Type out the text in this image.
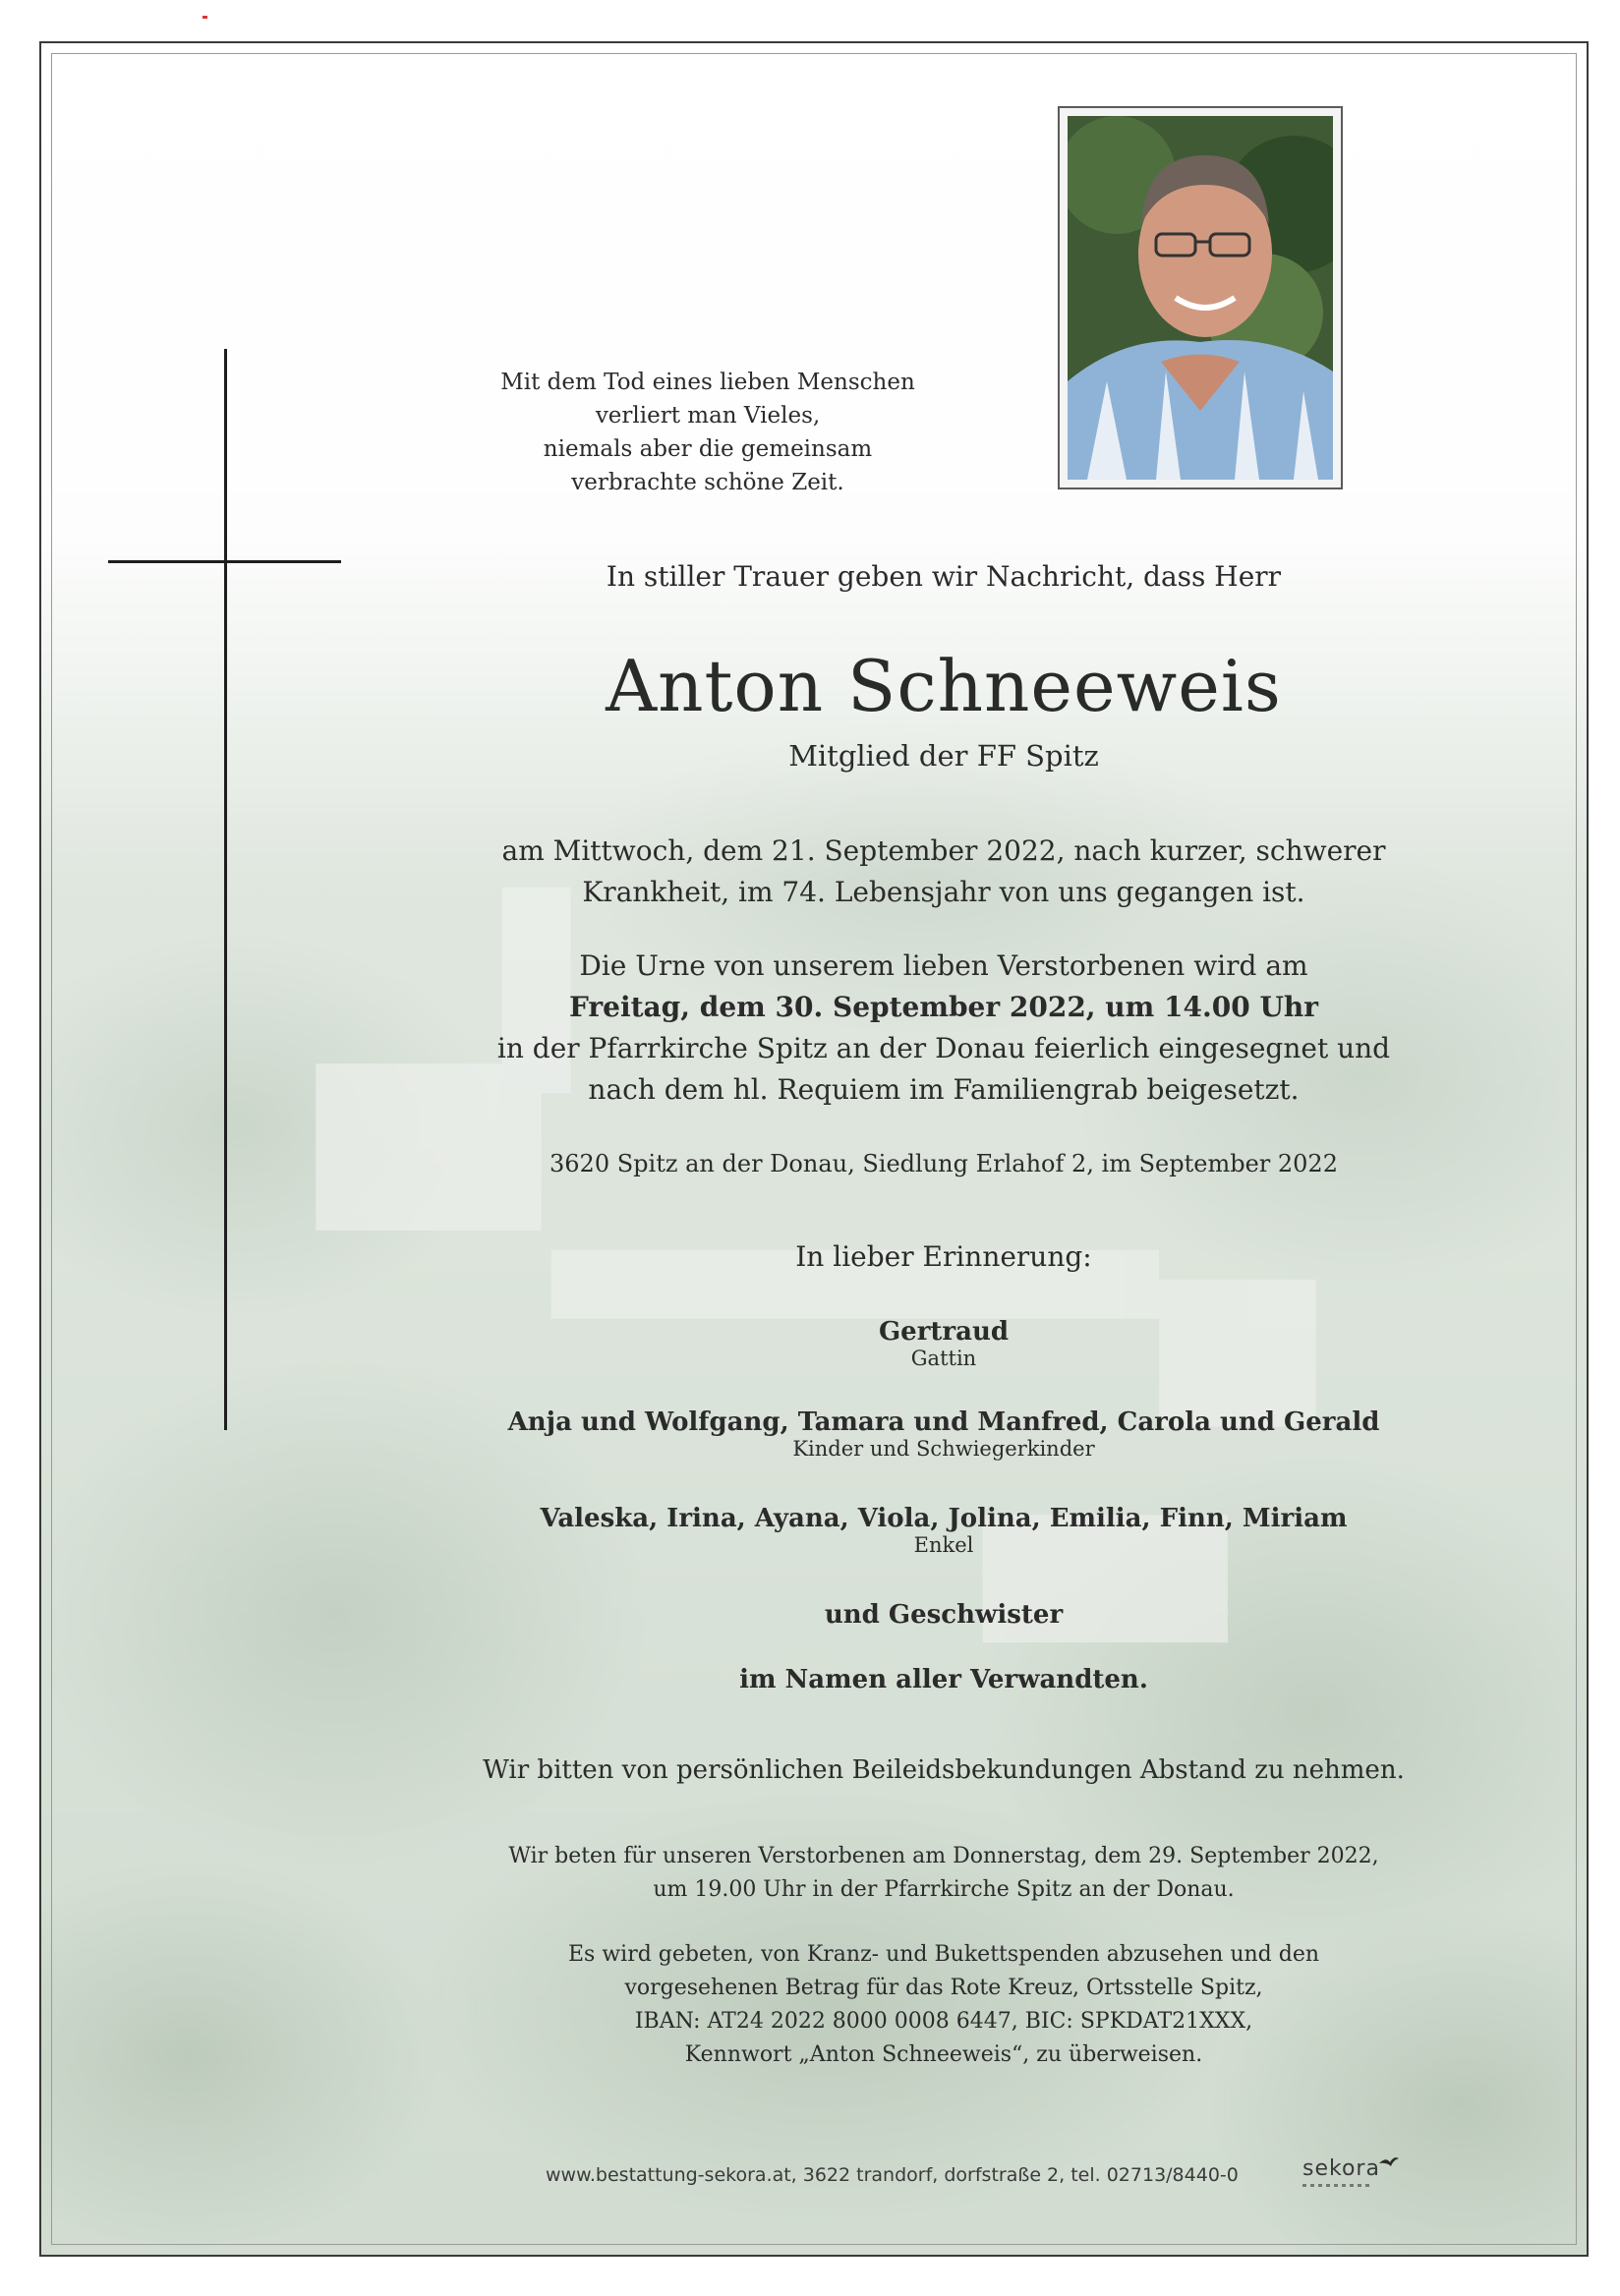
Mit dem Tod eines lieben Menschen
verliert man Vieles,
niemals aber die gemeinsam
verbrachte schöne Zeit.
In stiller Trauer geben wir Nachricht, dass Herr
Anton Schneeweis
Mitglied der FF Spitz
am Mittwoch, dem 21. September 2022, nach kurzer, schwerer
Krankheit, im 74. Lebensjahr von uns gegangen ist.
Die Urne von unserem lieben Verstorbenen wird am
Freitag, dem 30. September 2022, um 14.00 Uhr
in der Pfarrkirche Spitz an der Donau feierlich eingesegnet und
nach dem hl. Requiem im Familiengrab beigesetzt.
3620 Spitz an der Donau, Siedlung Erlahof 2, im September 2022
In lieber Erinnerung:
Gertraud
Gattin
Anja und Wolfgang, Tamara und Manfred, Carola und Gerald
Kinder und Schwiegerkinder
Valeska, Irina, Ayana, Viola, Jolina, Emilia, Finn, Miriam
Enkel
und Geschwister
im Namen aller Verwandten.
Wir bitten von persönlichen Beileidsbekundungen Abstand zu nehmen.
Wir beten für unseren Verstorbenen am Donnerstag, dem 29. September 2022,
um 19.00 Uhr in der Pfarrkirche Spitz an der Donau.
Es wird gebeten, von Kranz- und Bukettspenden abzusehen und den
vorgesehenen Betrag für das Rote Kreuz, Ortsstelle Spitz,
IBAN: AT24 2022 8000 0008 6447, BIC: SPKDAT21XXX,
Kennwort „Anton Schneeweis“, zu überweisen.
www.bestattung-sekora.at, 3622 trandorf, dorfstraße 2, tel. 02713/8440-0	sekora
